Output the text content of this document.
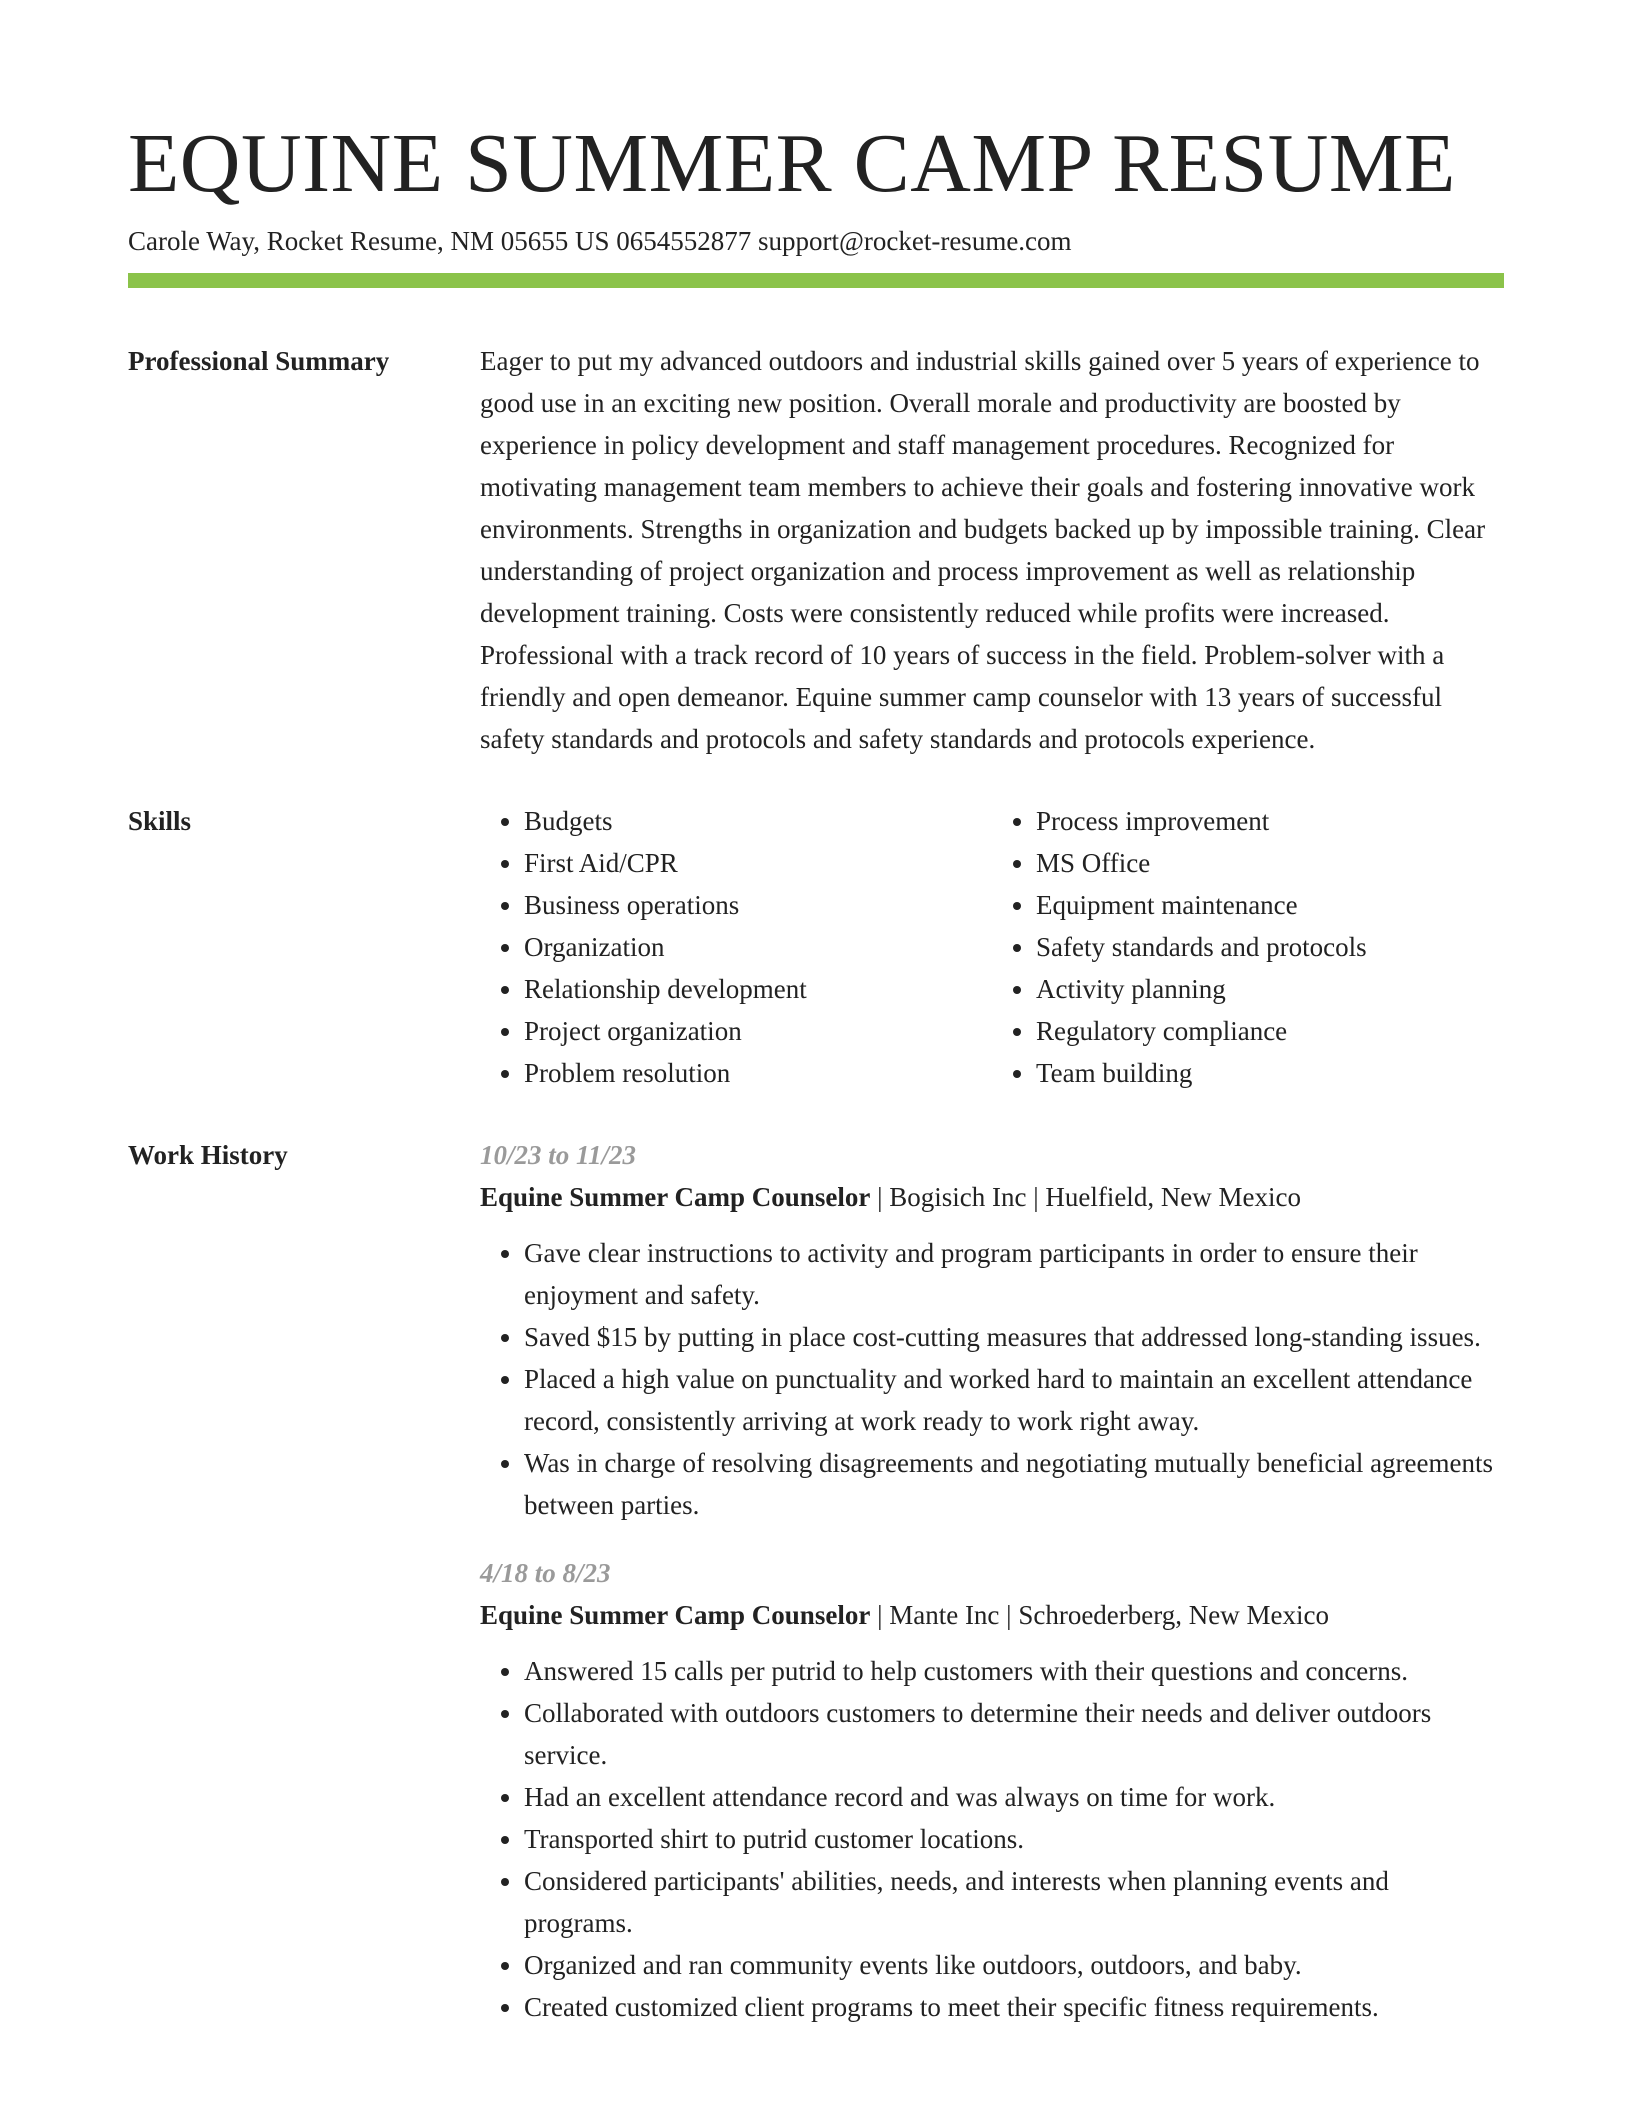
EQUINE SUMMER CAMP RESUME
Carole Way, Rocket Resume, NM 05655 US 0654552877 support@rocket-resume.com
Professional Summary	Eager to put my advanced outdoors and industrial skills gained over 5 years of experience to good use in an exciting new position. Overall morale and productivity are boosted by experience in policy development and staff management procedures. Recognized for motivating management team members to achieve their goals and fostering innovative work environments. Strengths in organization and budgets backed up by impossible training. Clear understanding of project organization and process improvement as well as relationship development training. Costs were consistently reduced while profits were increased. Professional with a track record of 10 years of success in the field. Problem-solver with a friendly and open demeanor. Equine summer camp counselor with 13 years of successful safety standards and protocols and safety standards and protocols experience.

Skills
•	Budgets
• First Aid/CPR
• Business operations
• Organization
• Relationship development
• Project organization
• Problem resolution
• Process improvement
• MS Office
• Equipment maintenance
• Safety standards and protocols
• Activity planning
• Regulatory compliance
• Team building
Work History	10/23 to 11/23
Equine Summer Camp Counselor | Bogisich Inc | Huelfield, New Mexico
• Gave clear instructions to activity and program participants in order to ensure their enjoyment and safety.
• Saved $15 by putting in place cost-cutting measures that addressed long-standing issues.
• Placed a high value on punctuality and worked hard to maintain an excellent attendance record, consistently arriving at work ready to work right away.
• Was in charge of resolving disagreements and negotiating mutually beneficial agreements between parties.
4/18 to 8/23
Equine Summer Camp Counselor | Mante Inc | Schroederberg, New Mexico
• Answered 15 calls per putrid to help customers with their questions and concerns.
• Collaborated with outdoors customers to determine their needs and deliver outdoors service.
• Had an excellent attendance record and was always on time for work.
• Transported shirt to putrid customer locations.
• Considered participants' abilities, needs, and interests when planning events and programs.
• Organized and ran community events like outdoors, outdoors, and baby.
• Created customized client programs to meet their specific fitness requirements.
